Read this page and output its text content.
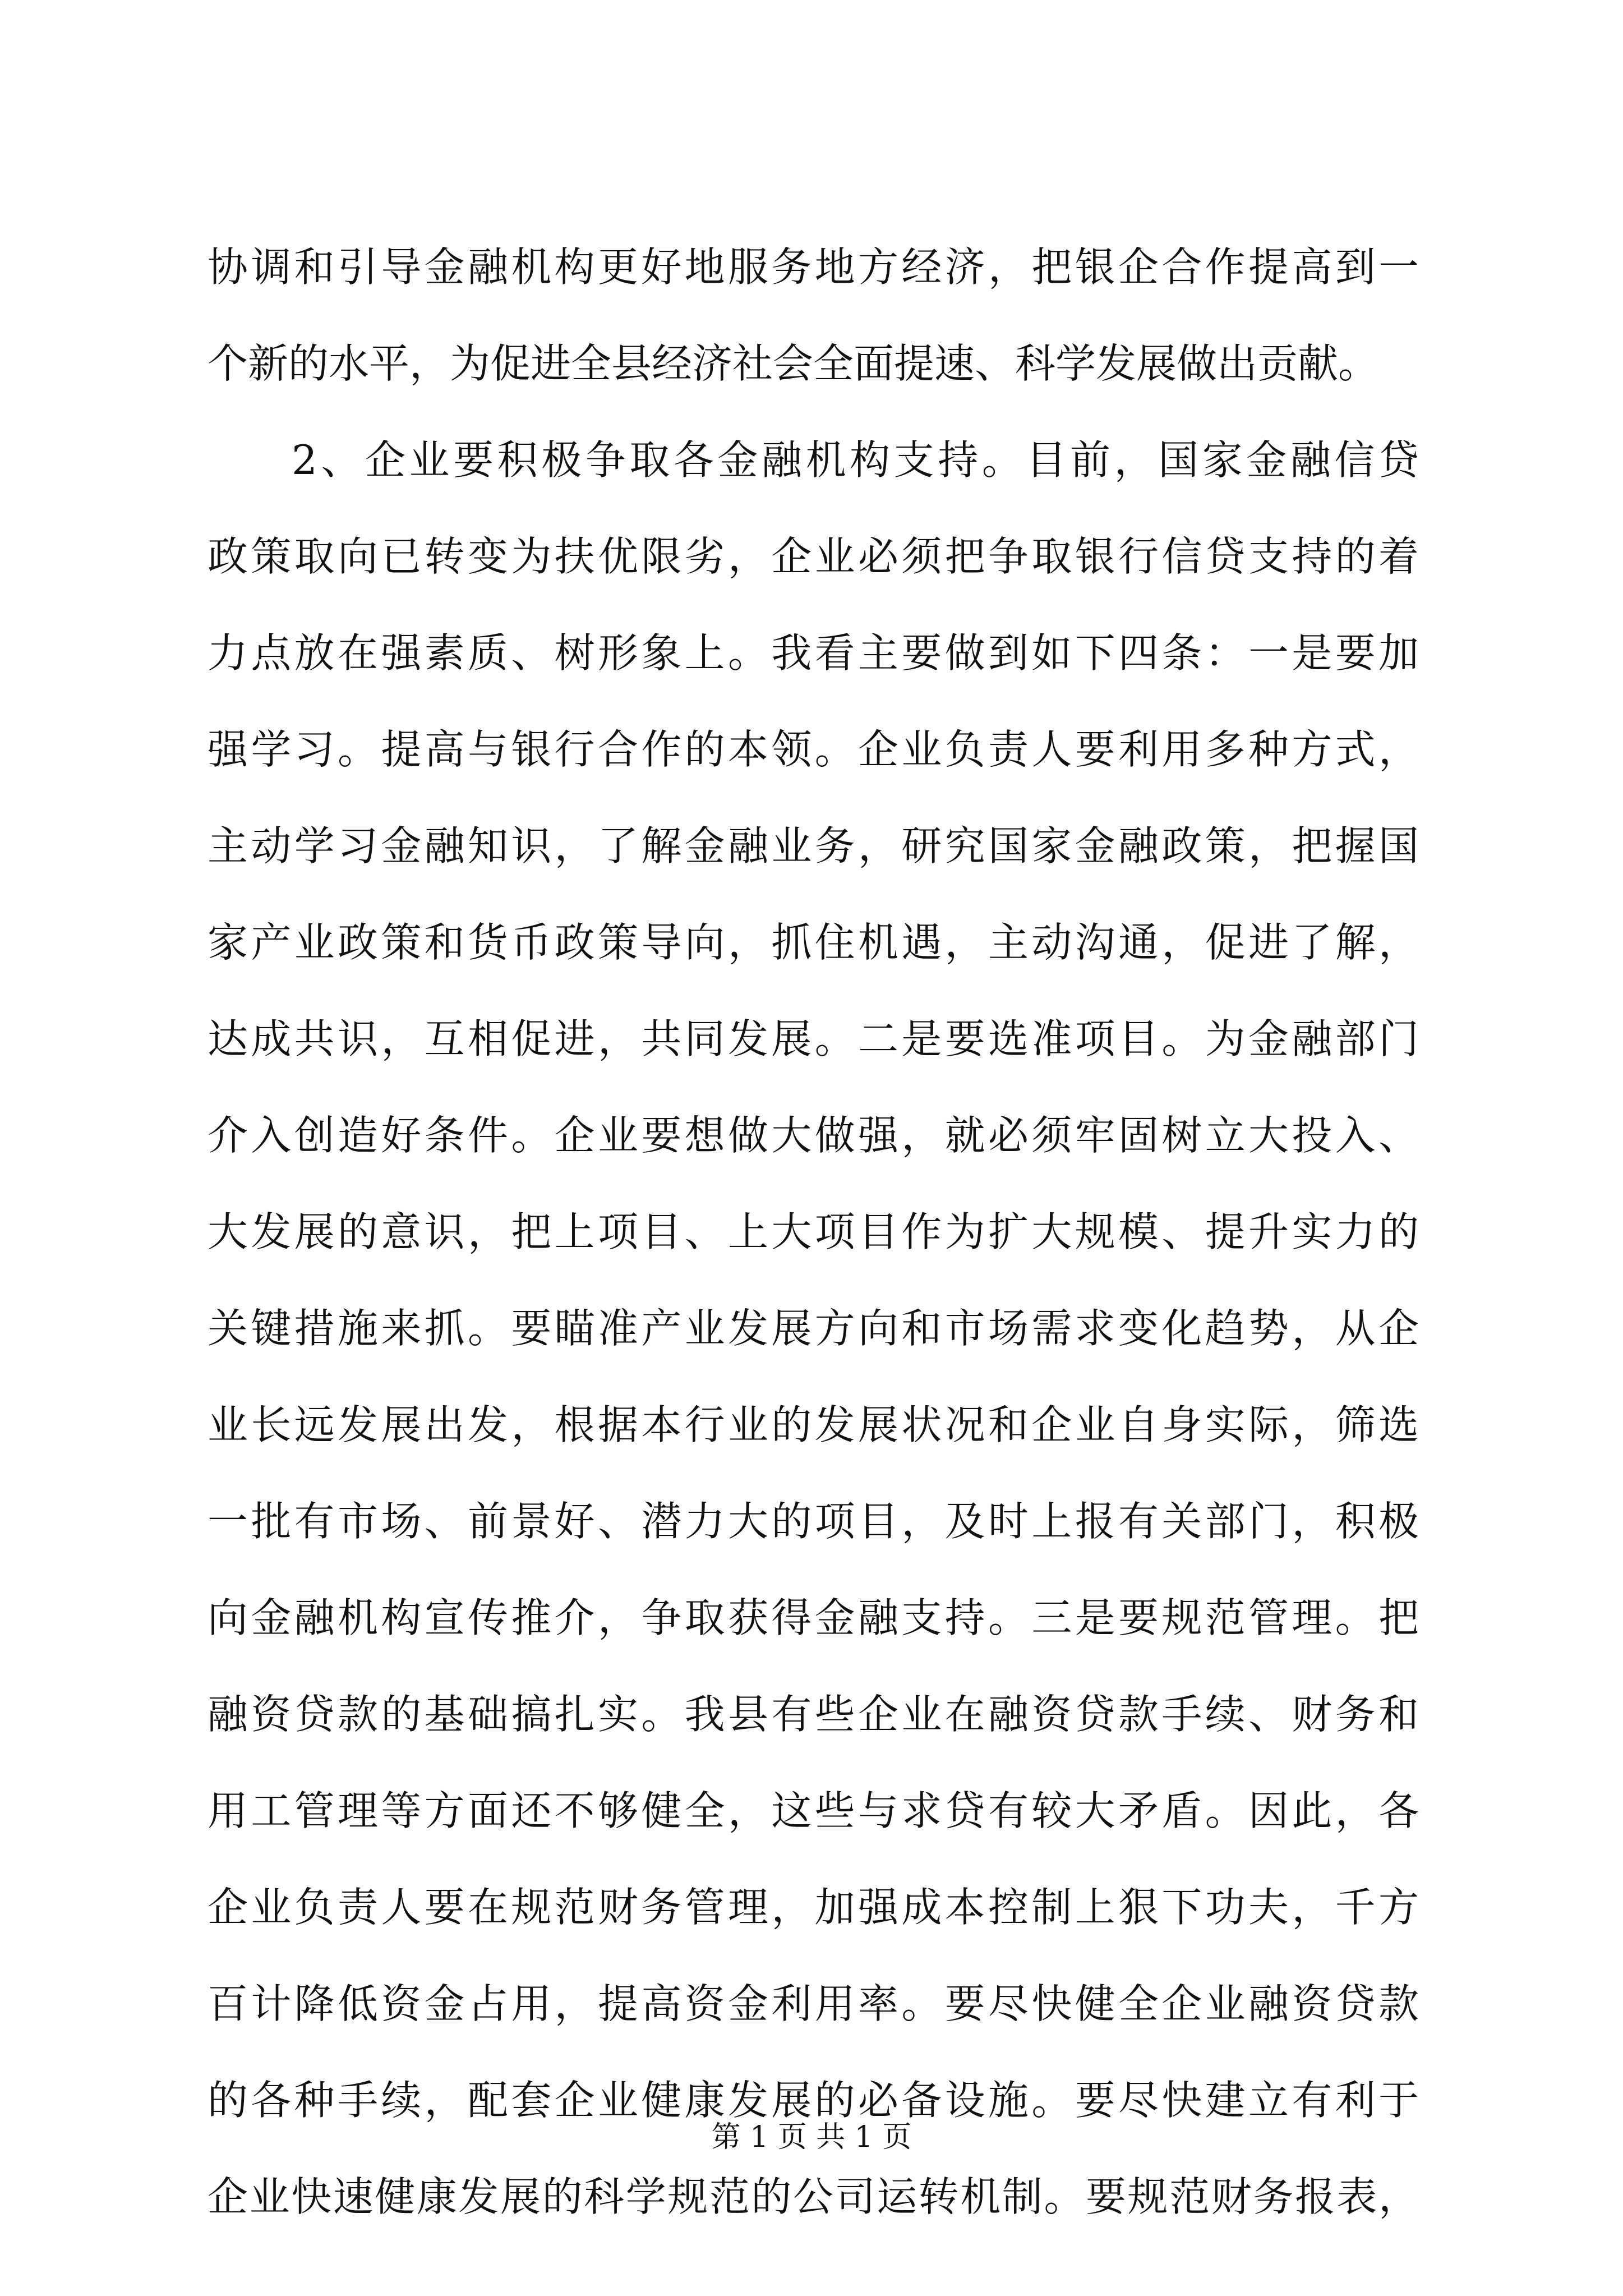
协调和引导金融机构更好地服务地方经济，把银企合作提高到一
个新的水平，为促进全县经济社会全面提速、科学发展做出贡献。
2、企业要积极争取各金融机构支持。目前，国家金融信贷
政策取向已转变为扶优限劣，企业必须把争取银行信贷支持的着
力点放在强素质、树形象上。我看主要做到如下四条：一是要加
强学习。提高与银行合作的本领。企业负责人要利用多种方式，
主动学习金融知识，了解金融业务，研究国家金融政策，把握国
家产业政策和货币政策导向，抓住机遇，主动沟通，促进了解，
达成共识，互相促进，共同发展。二是要选准项目。为金融部门
介入创造好条件。企业要想做大做强，就必须牢固树立大投入、
大发展的意识，把上项目、上大项目作为扩大规模、提升实力的
关键措施来抓。要瞄准产业发展方向和市场需求变化趋势，从企
业长远发展出发，根据本行业的发展状况和企业自身实际，筛选
一批有市场、前景好、潜力大的项目，及时上报有关部门，积极
向金融机构宣传推介，争取获得金融支持。三是要规范管理。把
融资贷款的基础搞扎实。我县有些企业在融资贷款手续、财务和
用工管理等方面还不够健全，这些与求贷有较大矛盾。因此，各
企业负责人要在规范财务管理，加强成本控制上狠下功夫，千方
百计降低资金占用，提高资金利用率。要尽快健全企业融资贷款
的各种手续，配套企业健康发展的必备设施。要尽快建立有利于
企业快速健康发展的科学规范的公司运转机制。要规范财务报表，
第 1 页 共 1 页
